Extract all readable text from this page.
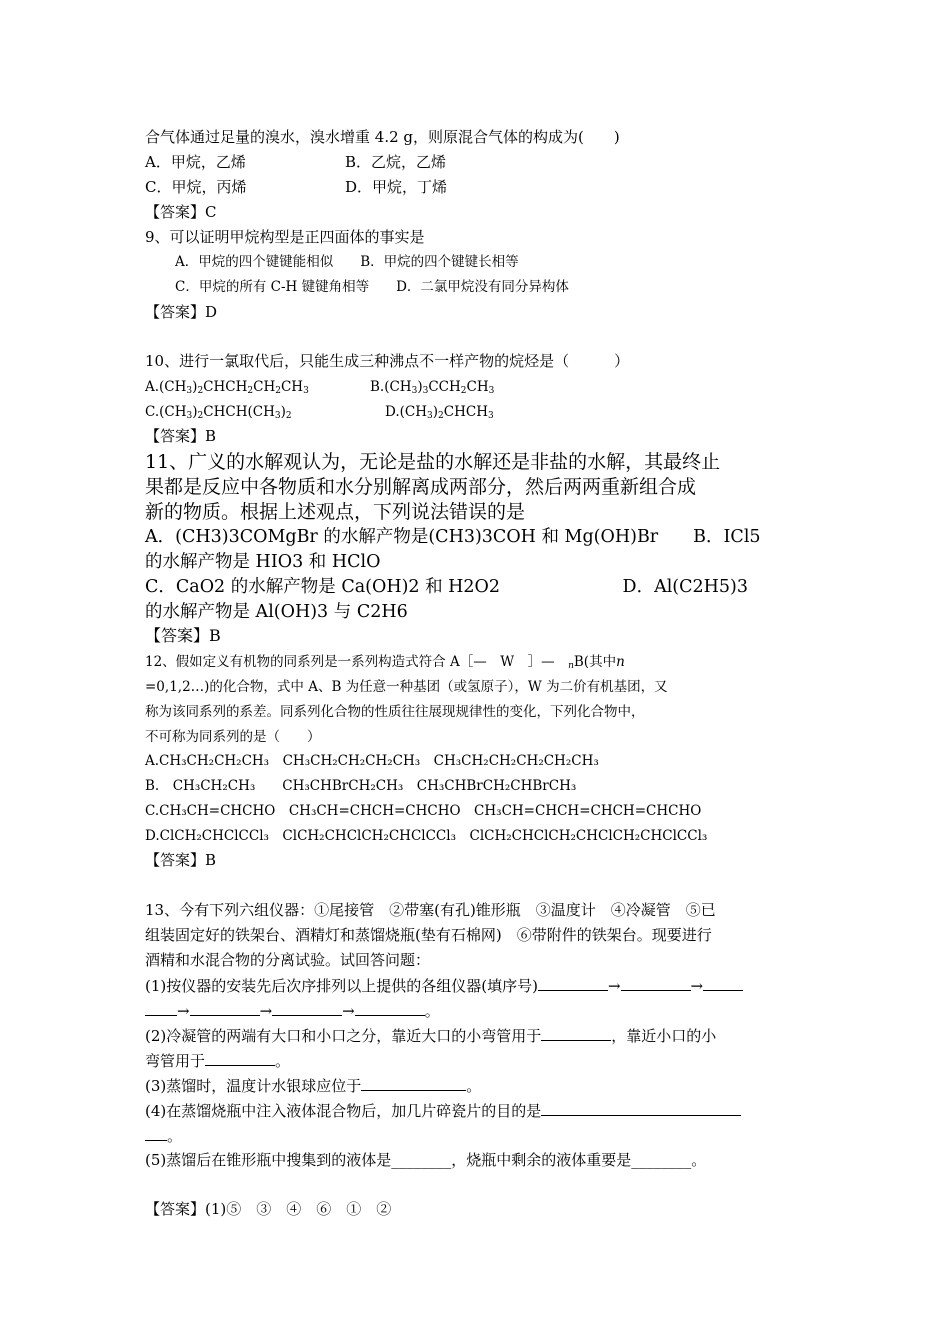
合气体通过足量的溴水，溴水增重 4.2 g，则原混合气体的构成为(　　)
A．甲烷，乙烯	B．乙烷，乙烯
C．甲烷，丙烯	D．甲烷，丁烯
【答案】C
9、可以证明甲烷构型是正四面体的事实是
A．甲烷的四个键键能相似　　B．甲烷的四个键键长相等
C．甲烷的所有 C-H 键键角相等　　D．二氯甲烷没有同分异构体
【答案】D
10、进行一氯取代后，只能生成三种沸点不一样产物的烷烃是（　　　）
$A.(CH_3)_2CHCH_2CH_2CH_3$	$B.(CH_3)_3CCH_2CH_3$
$C.(CH_3)_2CHCH(CH_3)_2$	$D.(CH_3)_2CHCH_3$
【答案】B
11、广义的水解观认为，无论是盐的水解还是非盐的水解，其最终止
果都是反应中各物质和水分别解离成两部分，然后两两重新组合成
新的物质。根据上述观点，下列说法错误的是
A．(CH3)3COMgBr 的水解产物是(CH3)3COH 和 Mg(OH)Br　　B．ICl5
的水解产物是 HIO3 和 HClO
C．CaO2 的水解产物是 Ca(OH)2 和 H2O2　　　　　　　D．Al(C2H5)3
的水解产物是 Al(OH)3 与 C2H6
【答案】B
12、假如定义有机物的同系列是一系列构造式符合 A［—　W　］—　$_n$B(其中n
=0,1,2…)的化合物，式中 A、B 为任意一种基团（或氢原子），W 为二价有机基团，又
称为该同系列的系差。同系列化合物的性质往往展现规律性的变化，下列化合物中，
不可称为同系列的是（　　）
A.CH₃CH₂CH₂CH₃　CH₃CH₂CH₂CH₂CH₃　CH₃CH₂CH₂CH₂CH₂CH₃
B.　CH₃CH₂CH₃　　CH₃CHBrCH₂CH₃　CH₃CHBrCH₂CHBrCH₃
C.CH₃CH=CHCHO　CH₃CH=CHCH=CHCHO　CH₃CH=CHCH=CHCH=CHCHO
D.ClCH₂CHClCCl₃　ClCH₂CHClCH₂CHClCCl₃　ClCH₂CHClCH₂CHClCH₂CHClCCl₃
【答案】B
13、今有下列六组仪器：①尾接管　②带塞(有孔)锥形瓶　③温度计　④冷凝管　⑤已
组装固定好的铁架台、酒精灯和蒸馏烧瓶(垫有石棉网)　⑥带附件的铁架台。现要进行
酒精和水混合物的分离试验。试回答问题：
(1)按仪器的安装先后次序排列以上提供的各组仪器(填序号)	→	→
→	→	→	。
(2)冷凝管的两端有大口和小口之分，靠近大口的小弯管用于	，靠近小口的小
弯管用于	。
(3)蒸馏时，温度计水银球应位于	。
(4)在蒸馏烧瓶中注入液体混合物后，加几片碎瓷片的目的是
。
(5)蒸馏后在锥形瓶中搜集到的液体是________，烧瓶中剩余的液体重要是________。
【答案】(1)⑤　③　④　⑥　①　②
